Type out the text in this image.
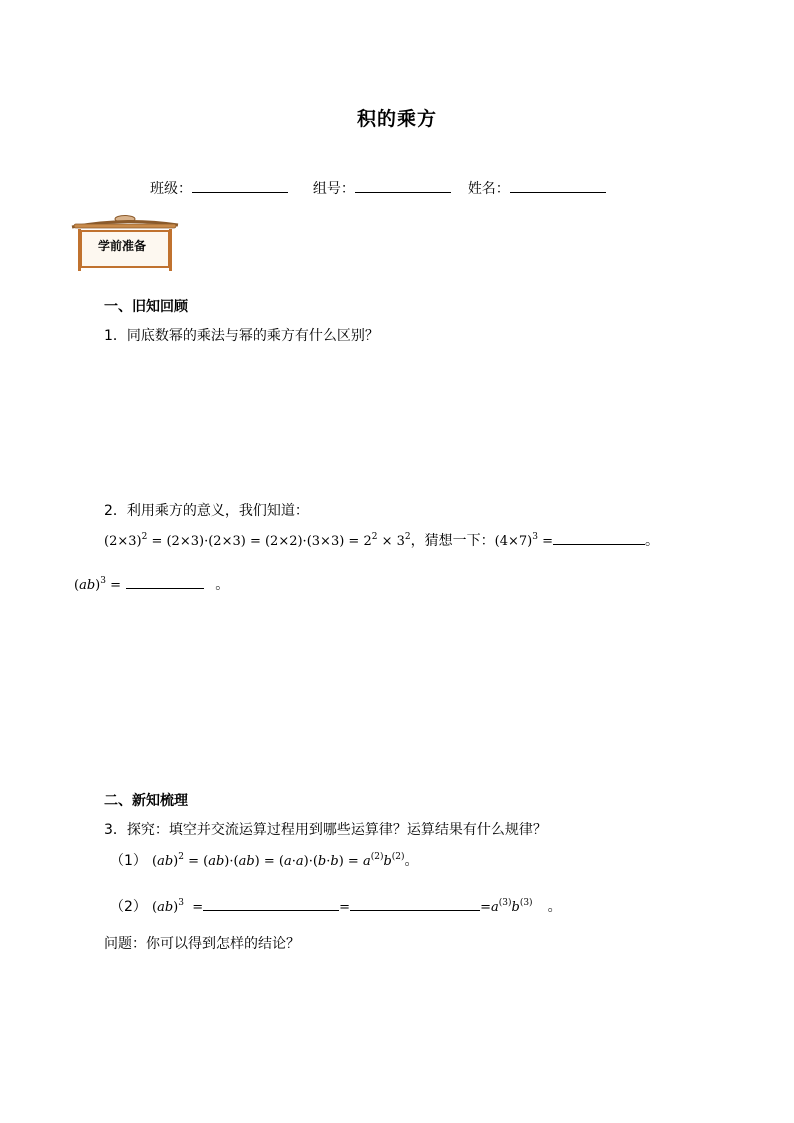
积的乘方
班级：	组号：	姓名：
学前准备
一、旧知回顾
1．同底数幂的乘法与幂的乘方有什么区别？
2．利用乘方的意义，我们知道：
$(2\times 3)^2 = (2\times 3)\cdot(2\times 3) = (2\times 2)\cdot(3\times 3) = 2^2 \times 3^2$，猜想一下：$(4\times 7)^3$ =	。
(ab)$^3$ =	。
二、新知梳理
3．探究：填空并交流运算过程用到哪些运算律？运算结果有什么规律？
（1） $(ab)^2 = (ab)\cdot(ab) = (a\cdot a)\cdot(b\cdot b) = a^{(2)}b^{(2)}$。
（2） (ab)$^3$  =	=	$=a^{(3)}b^{(3)}$ 。
问题：你可以得到怎样的结论？
